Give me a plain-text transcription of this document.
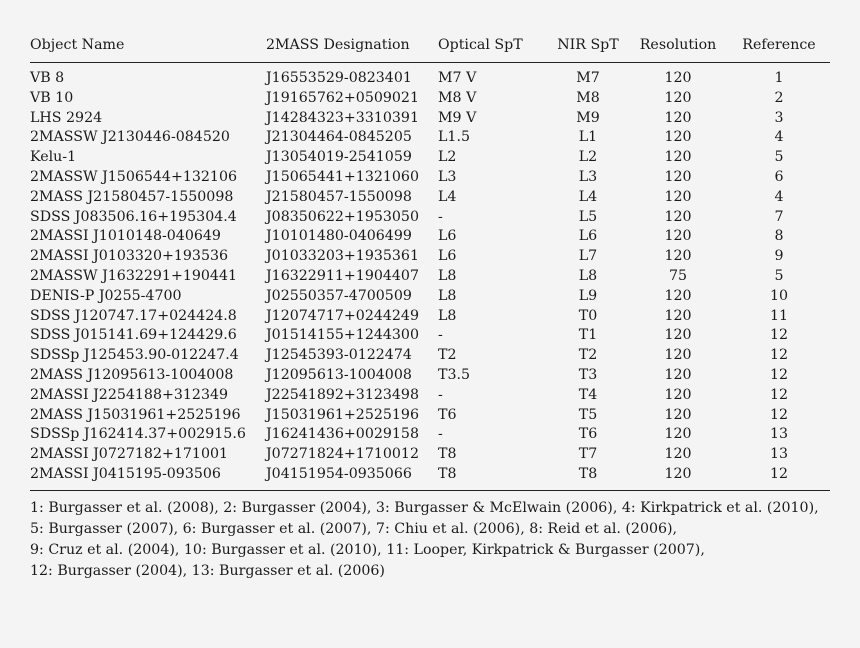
Object Name	2MASS Designation	Optical SpT	NIR SpT	Resolution	Reference
VB 8	J16553529-0823401	M7 V	M7	120	1
VB 10	J19165762+0509021	M8 V	M8	120	2
LHS 2924	J14284323+3310391	M9 V	M9	120	3
2MASSW J2130446-084520	J21304464-0845205	L1.5	L1	120	4
Kelu-1	J13054019-2541059	L2	L2	120	5
2MASSW J1506544+132106	J15065441+1321060	L3	L3	120	6
2MASS J21580457-1550098	J21580457-1550098	L4	L4	120	4
SDSS J083506.16+195304.4	J08350622+1953050	-	L5	120	7
2MASSI J1010148-040649	J10101480-0406499	L6	L6	120	8
2MASSI J0103320+193536	J01033203+1935361	L6	L7	120	9
2MASSW J1632291+190441	J16322911+1904407	L8	L8	75	5
DENIS-P J0255-4700	J02550357-4700509	L8	L9	120	10
SDSS J120747.17+024424.8	J12074717+0244249	L8	T0	120	11
SDSS J015141.69+124429.6	J01514155+1244300	-	T1	120	12
SDSSp J125453.90-012247.4	J12545393-0122474	T2	T2	120	12
2MASS J12095613-1004008	J12095613-1004008	T3.5	T3	120	12
2MASSI J2254188+312349	J22541892+3123498	-	T4	120	12
2MASS J15031961+2525196	J15031961+2525196	T6	T5	120	12
SDSSp J162414.37+002915.6	J16241436+0029158	-	T6	120	13
2MASSI J0727182+171001	J07271824+1710012	T8	T7	120	13
2MASSI J0415195-093506	J04151954-0935066	T8	T8	120	12
1: Burgasser et al. (2008), 2: Burgasser (2004), 3: Burgasser & McElwain (2006), 4: Kirkpatrick et al. (2010),
5: Burgasser (2007), 6: Burgasser et al. (2007), 7: Chiu et al. (2006), 8: Reid et al. (2006),
9: Cruz et al. (2004), 10: Burgasser et al. (2010), 11: Looper, Kirkpatrick & Burgasser (2007),
12: Burgasser (2004), 13: Burgasser et al. (2006)
